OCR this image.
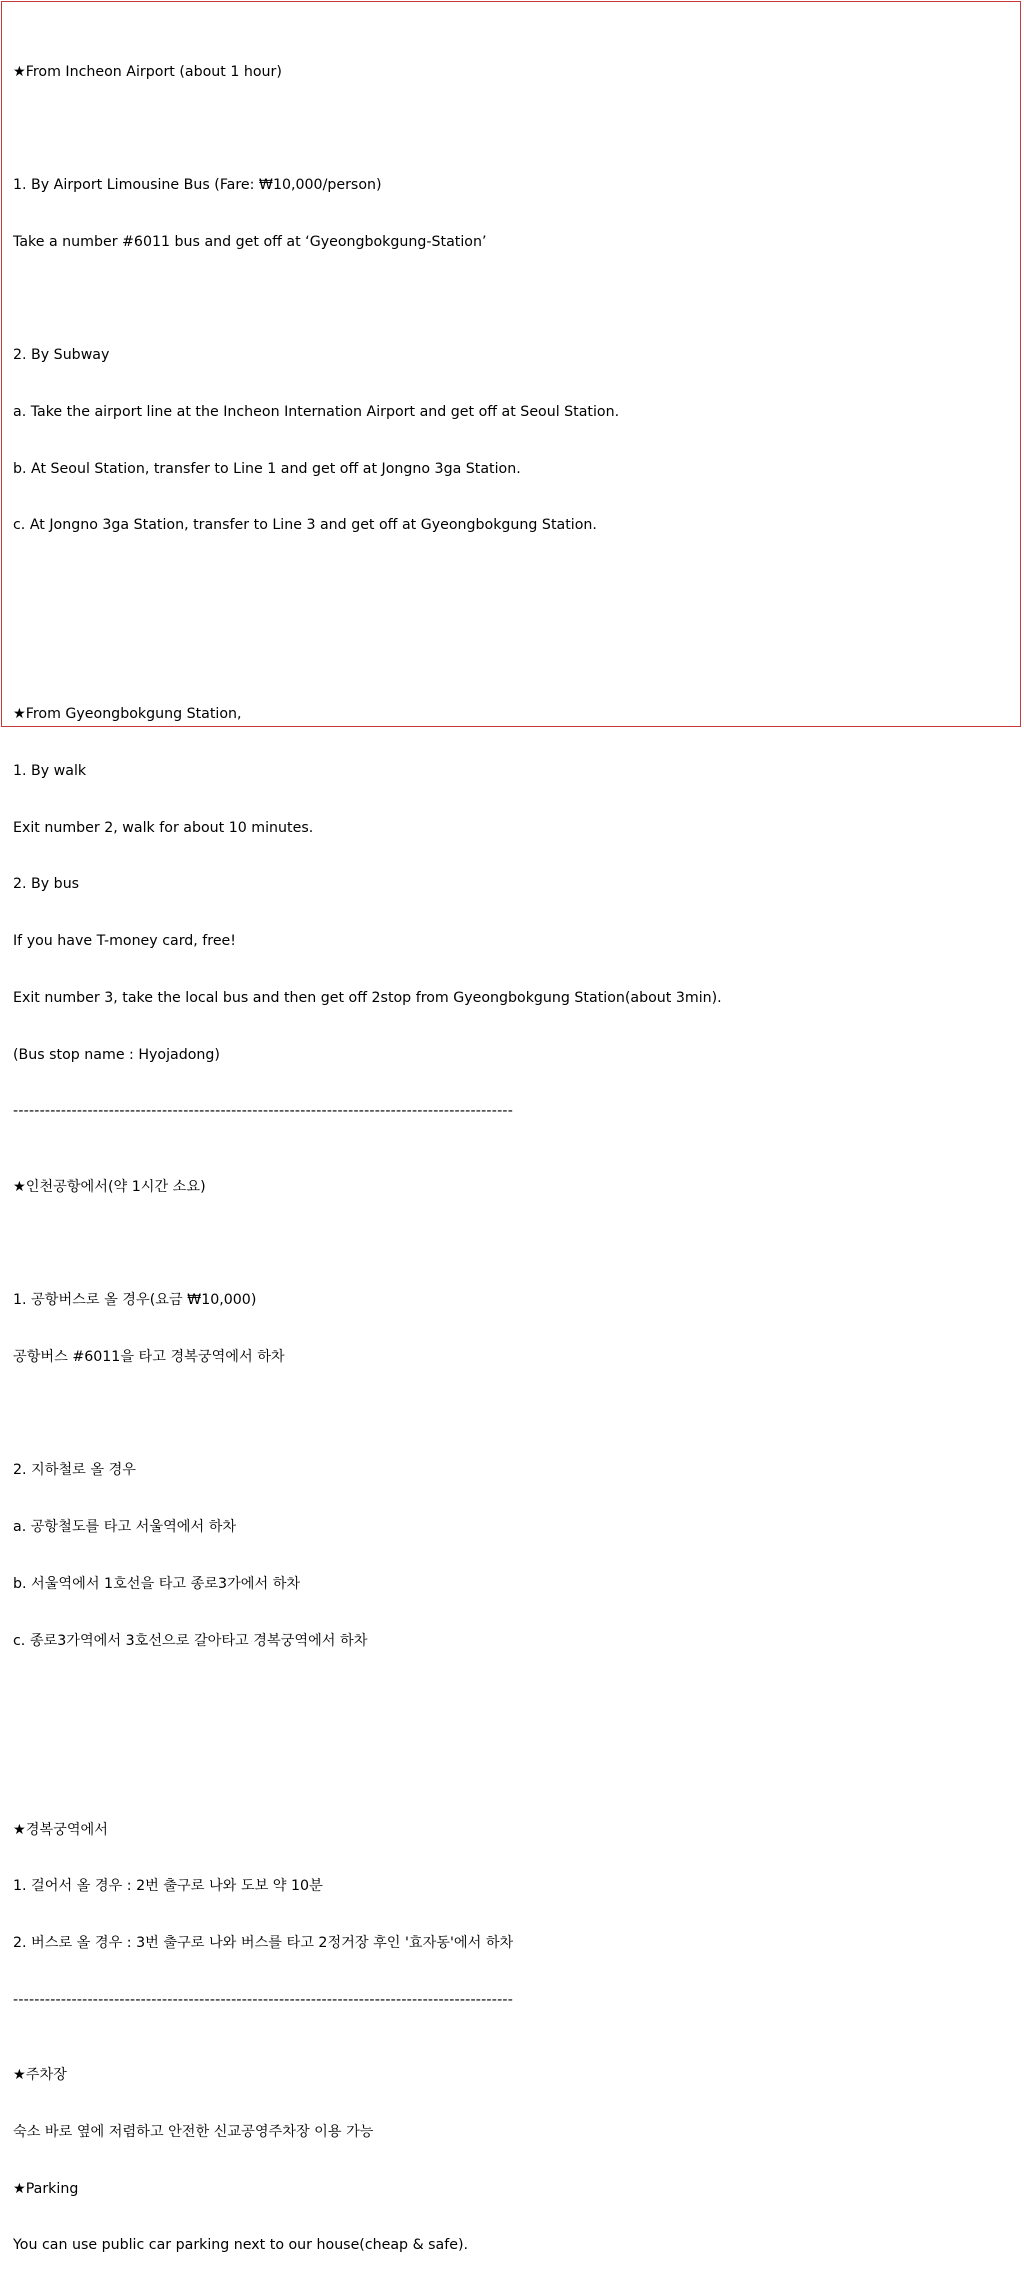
★From Incheon Airport (about 1 hour)

1. By Airport Limousine Bus (Fare: ₩10,000/person)

Take a number #6011 bus and get off at ‘Gyeongbokgung-Station’

2. By Subway

a. Take the airport line at the Incheon Internation Airport and get off at Seoul Station.

b. At Seoul Station, transfer to Line 1 and get off at Jongno 3ga Station.

c. At Jongno 3ga Station, transfer to Line 3 and get off at Gyeongbokgung Station.

★From Gyeongbokgung Station,

1. By walk

Exit number 2, walk for about 10 minutes.

2. By bus

If you have T-money card, free!

Exit number 3, take the local bus and then get off 2stop from Gyeongbokgung Station(about 3min).

(Bus stop name : Hyojadong)

----------------------------------------------------------------------------------------------

★인천공항에서(약 1시간 소요)

1. 공항버스로 올 경우(요금 ₩10,000)

공항버스 #6011을 타고 경복궁역에서 하차

2. 지하철로 올 경우

a. 공항철도를 타고 서울역에서 하차

b. 서울역에서 1호선을 타고 종로3가에서 하차

c. 종로3가역에서 3호선으로 갈아타고 경복궁역에서 하차

★경복궁역에서

1. 걸어서 올 경우 : 2번 출구로 나와 도보 약 10분

2. 버스로 올 경우 : 3번 출구로 나와 버스를 타고 2정거장 후인 '효자동'에서 하차

----------------------------------------------------------------------------------------------

★주차장

숙소 바로 옆에 저렴하고 안전한 신교공영주차장 이용 가능

★Parking

You can use public car parking next to our house(cheap & safe).
